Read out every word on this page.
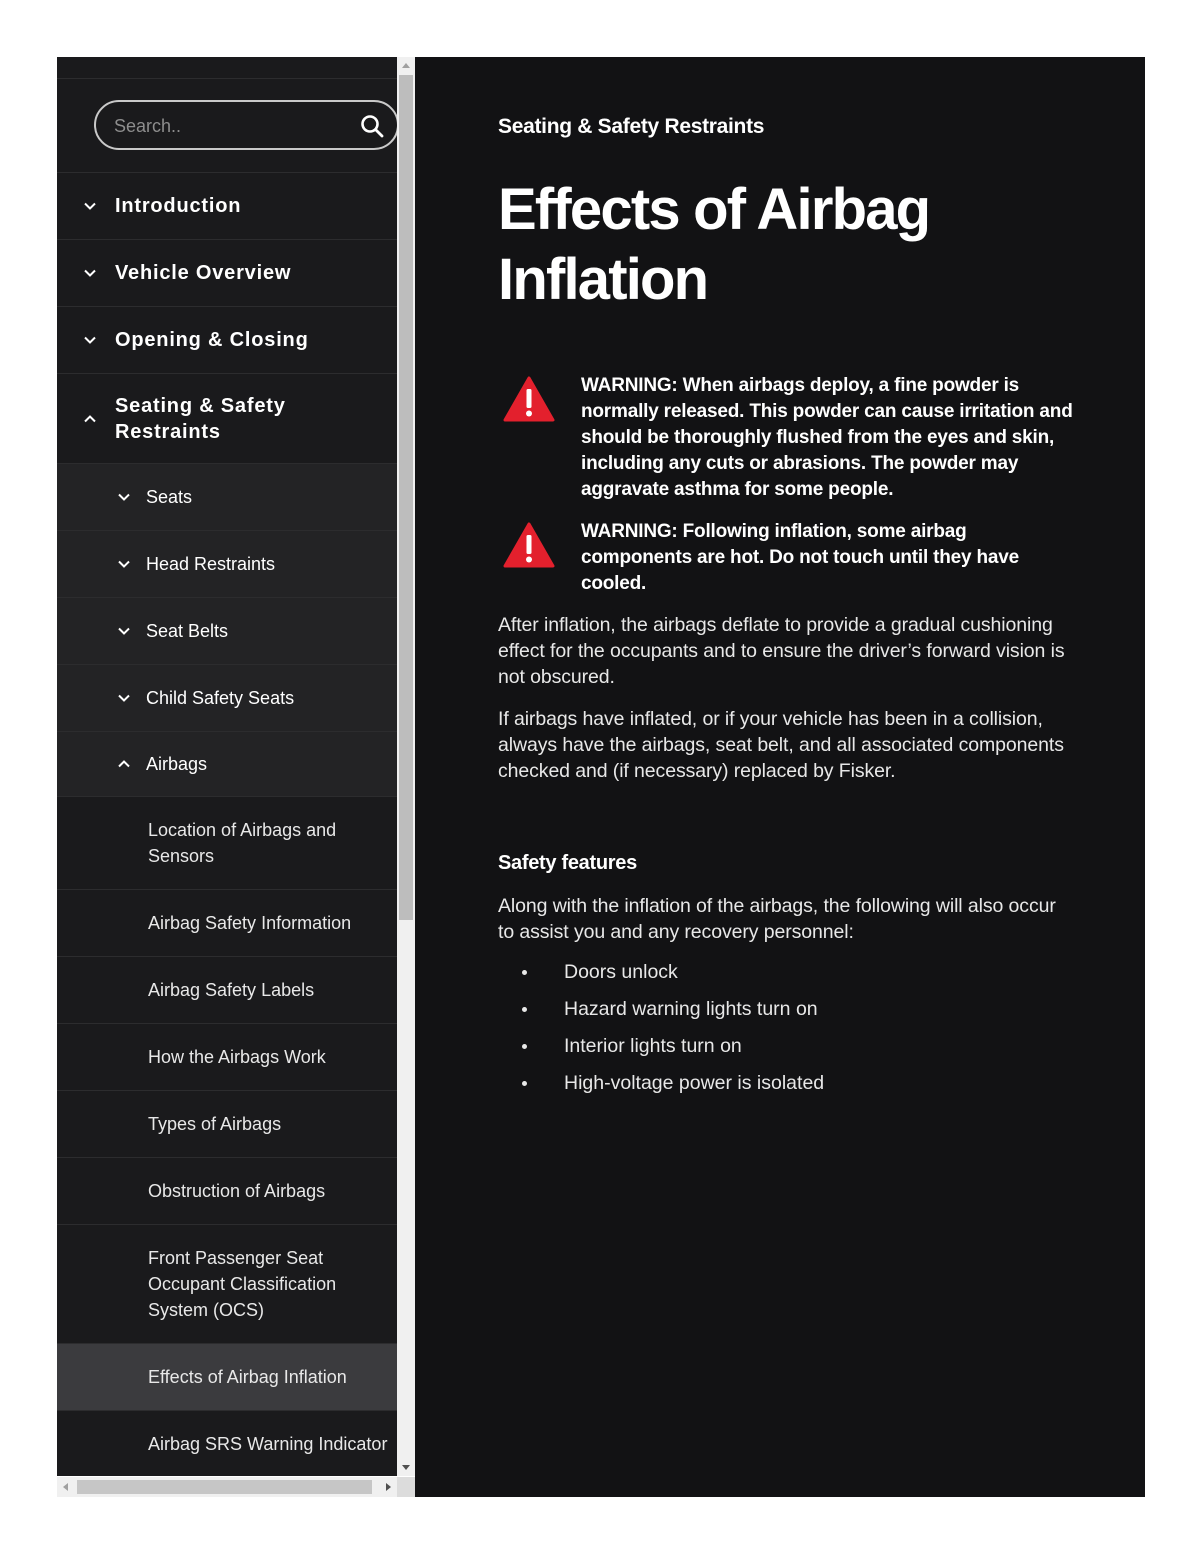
Search..
Introduction
Vehicle Overview
Opening & Closing
Seating & Safety Restraints
Seats
Head Restraints
Seat Belts
Child Safety Seats
Airbags
Location of Airbags and Sensors
Airbag Safety Information
Airbag Safety Labels
How the Airbags Work
Types of Airbags
Obstruction of Airbags
Front Passenger Seat Occupant Classification System (OCS)
Effects of Airbag Inflation
Airbag SRS Warning Indicator
Seating & Safety Restraints
Effects of Airbag Inflation

WARNING: When airbags deploy, a fine powder is normally released. This powder can cause irritation and should be thoroughly flushed from the eyes and skin, including any cuts or abrasions. The powder may aggravate asthma for some people.

WARNING: Following inflation, some airbag components are hot. Do not touch until they have cooled.

After inflation, the airbags deflate to provide a gradual cushioning effect for the occupants and to ensure the driver’s forward vision is not obscured.

If airbags have inflated, or if your vehicle has been in a collision, always have the airbags, seat belt, and all associated components checked and (if necessary) replaced by Fisker.

Safety features

Along with the inflation of the airbags, the following will also occur to assist you and any recovery personnel:

Doors unlock
Hazard warning lights turn on
Interior lights turn on
High-voltage power is isolated
